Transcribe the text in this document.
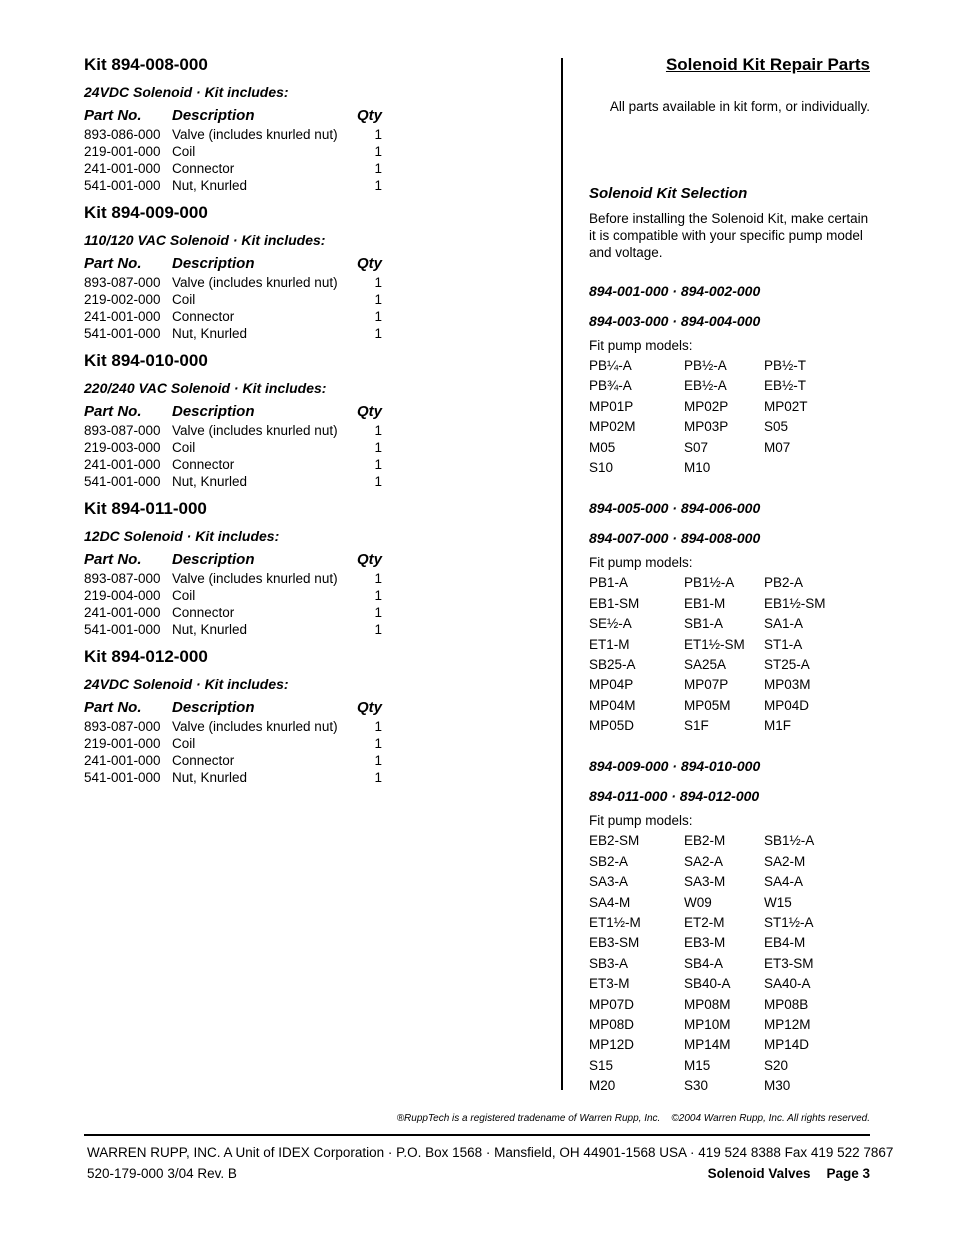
Kit 894-008-000
24VDC Solenoid · Kit includes:
Part No.	Description	Qty
893-086-000	Valve (includes knurled nut)	1
219-001-000	Coil	1
241-001-000	Connector	1
541-001-000	Nut, Knurled	1
Kit 894-009-000
110/120 VAC Solenoid · Kit includes:
Part No.	Description	Qty
893-087-000	Valve (includes knurled nut)	1
219-002-000	Coil	1
241-001-000	Connector	1
541-001-000	Nut, Knurled	1
Kit 894-010-000
220/240 VAC Solenoid · Kit includes:
Part No.	Description	Qty
893-087-000	Valve (includes knurled nut)	1
219-003-000	Coil	1
241-001-000	Connector	1
541-001-000	Nut, Knurled	1
Kit 894-011-000
12DC Solenoid · Kit includes:
Part No.	Description	Qty
893-087-000	Valve (includes knurled nut)	1
219-004-000	Coil	1
241-001-000	Connector	1
541-001-000	Nut, Knurled	1
Kit 894-012-000
24VDC Solenoid · Kit includes:
Part No.	Description	Qty
893-087-000	Valve (includes knurled nut)	1
219-001-000	Coil	1
241-001-000	Connector	1
541-001-000	Nut, Knurled	1
Solenoid Kit Repair Parts
All parts available in kit form, or individually.
Solenoid Kit Selection
Before installing the Solenoid Kit, make certain it is compatible with your specific pump model and voltage.
894-001-000 · 894-002-000
894-003-000 · 894-004-000
Fit pump models:
PB¼-A	PB½-A	PB½-T
PB¾-A	EB½-A	EB½-T
MP01P	MP02P	MP02T
MP02M	MP03P	S05
M05	S07	M07
S10	M10
894-005-000 · 894-006-000
894-007-000 · 894-008-000
Fit pump models:
PB1-A	PB1½-A	PB2-A
EB1-SM	EB1-M	EB1½-SM
SE½-A	SB1-A	SA1-A
ET1-M	ET1½-SM	ST1-A
SB25-A	SA25A	ST25-A
MP04P	MP07P	MP03M
MP04M	MP05M	MP04D
MP05D	S1F	M1F
894-009-000 · 894-010-000
894-011-000 · 894-012-000
Fit pump models:
EB2-SM	EB2-M	SB1½-A
SB2-A	SA2-A	SA2-M
SA3-A	SA3-M	SA4-A
SA4-M	W09	W15
ET1½-M	ET2-M	ST1½-A
EB3-SM	EB3-M	EB4-M
SB3-A	SB4-A	ET3-SM
ET3-M	SB40-A	SA40-A
MP07D	MP08M	MP08B
MP08D	MP10M	MP12M
MP12D	MP14M	MP14D
S15	M15	S20
M20	S30	M30
®RuppTech is a registered tradename of Warren Rupp, Inc.    ©2004 Warren Rupp, Inc. All rights reserved.
WARREN RUPP, INC. A Unit of IDEX Corporation · P.O. Box 1568 · Mansfield, OH 44901-1568 USA · 419 524 8388 Fax 419 522 7867
520-179-000 3/04 Rev. B	Solenoid Valves Page 3
